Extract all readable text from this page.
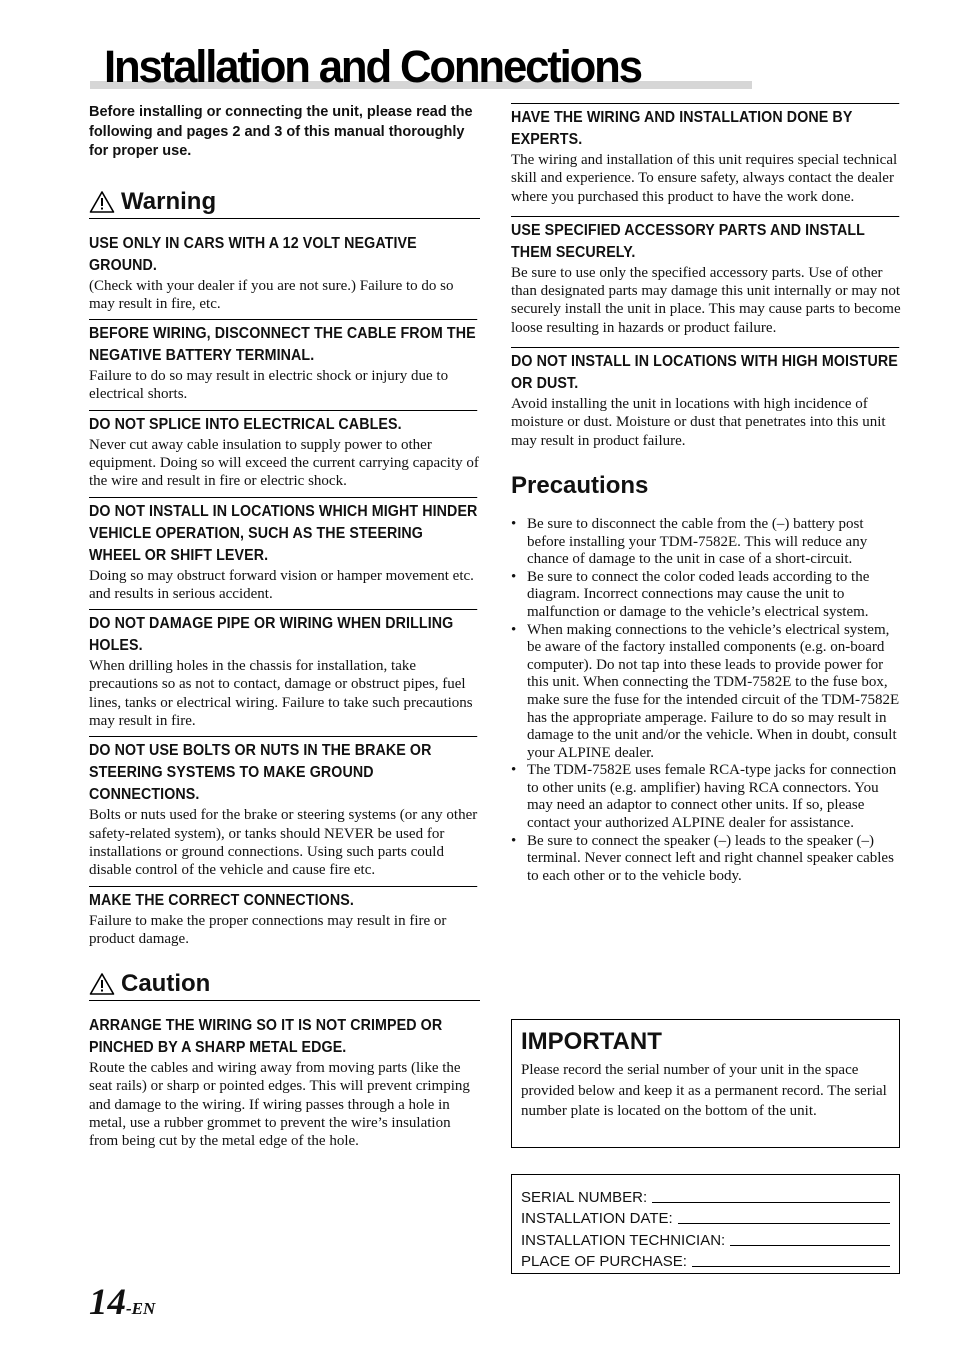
Installation and Connections

Before installing or connecting the unit, please read the following and pages 2 and 3 of this manual thoroughly for proper use.

Warning

USE ONLY IN CARS WITH A 12 VOLT NEGATIVE GROUND.

(Check with your dealer if you are not sure.) Failure to do so may result in fire, etc.

BEFORE WIRING, DISCONNECT THE CABLE FROM THE NEGATIVE BATTERY TERMINAL.

Failure to do so may result in electric shock or injury due to electrical shorts.

DO NOT SPLICE INTO ELECTRICAL CABLES.

Never cut away cable insulation to supply power to other equipment. Doing so will exceed the current carrying capacity of the wire and result in fire or electric shock.

DO NOT INSTALL IN LOCATIONS WHICH MIGHT HINDER VEHICLE OPERATION, SUCH AS THE STEERING WHEEL OR SHIFT LEVER.

Doing so may obstruct forward vision or hamper movement etc. and results in serious accident.

DO NOT DAMAGE PIPE OR WIRING WHEN DRILLING HOLES.

When drilling holes in the chassis for installation, take precautions so as not to contact, damage or obstruct pipes, fuel lines, tanks or electrical wiring. Failure to take such precautions may result in fire.

DO NOT USE BOLTS OR NUTS IN THE BRAKE OR STEERING SYSTEMS TO MAKE GROUND CONNECTIONS.

Bolts or nuts used for the brake or steering systems (or any other safety-related system), or tanks should NEVER be used for installations or ground connections. Using such parts could disable control of the vehicle and cause fire etc.

MAKE THE CORRECT CONNECTIONS.

Failure to make the proper connections may result in fire or product damage.

Caution

ARRANGE THE WIRING SO IT IS NOT CRIMPED OR PINCHED BY A SHARP METAL EDGE.

Route the cables and wiring away from moving parts (like the seat rails) or sharp or pointed edges. This will prevent crimping and damage to the wiring. If wiring passes through a hole in metal, use a rubber grommet to prevent the wire’s insulation from being cut by the metal edge of the hole.

HAVE THE WIRING AND INSTALLATION DONE BY EXPERTS.

The wiring and installation of this unit requires special technical skill and experience. To ensure safety, always contact the dealer where you purchased this product to have the work done.

USE SPECIFIED ACCESSORY PARTS AND INSTALL THEM SECURELY.

Be sure to use only the specified accessory parts. Use of other than designated parts may damage this unit internally or may not securely install the unit in place. This may cause parts to become loose resulting in hazards or product failure.

DO NOT INSTALL IN LOCATIONS WITH HIGH MOISTURE OR DUST.

Avoid installing the unit in locations with high incidence of moisture or dust. Moisture or dust that penetrates into this unit may result in product failure.

Precautions
• Be sure to disconnect the cable from the (–) battery post before installing your TDM-7582E. This will reduce any chance of damage to the unit in case of a short-circuit.
• Be sure to connect the color coded leads according to the diagram. Incorrect connections may cause the unit to malfunction or damage to the vehicle’s electrical system.
• When making connections to the vehicle’s electrical system, be aware of the factory installed components (e.g. on-board computer). Do not tap into these leads to provide power for this unit. When connecting the TDM-7582E to the fuse box, make sure the fuse for the intended circuit of the TDM-7582E has the appropriate amperage. Failure to do so may result in damage to the unit and/or the vehicle. When in doubt, consult your ALPINE dealer.
• The TDM-7582E uses female RCA-type jacks for connection to other units (e.g. amplifier) having RCA connectors. You may need an adaptor to connect other units. If so, please contact your authorized ALPINE dealer for assistance.
• Be sure to connect the speaker (–) leads to the speaker (–) terminal. Never connect left and right channel speaker cables to each other or to the vehicle body.

IMPORTANT

Please record the serial number of your unit in the space provided below and keep it as a permanent record. The serial number plate is located on the bottom of the unit.

SERIAL NUMBER:
INSTALLATION DATE:
INSTALLATION TECHNICIAN:
PLACE OF PURCHASE:
14-EN
